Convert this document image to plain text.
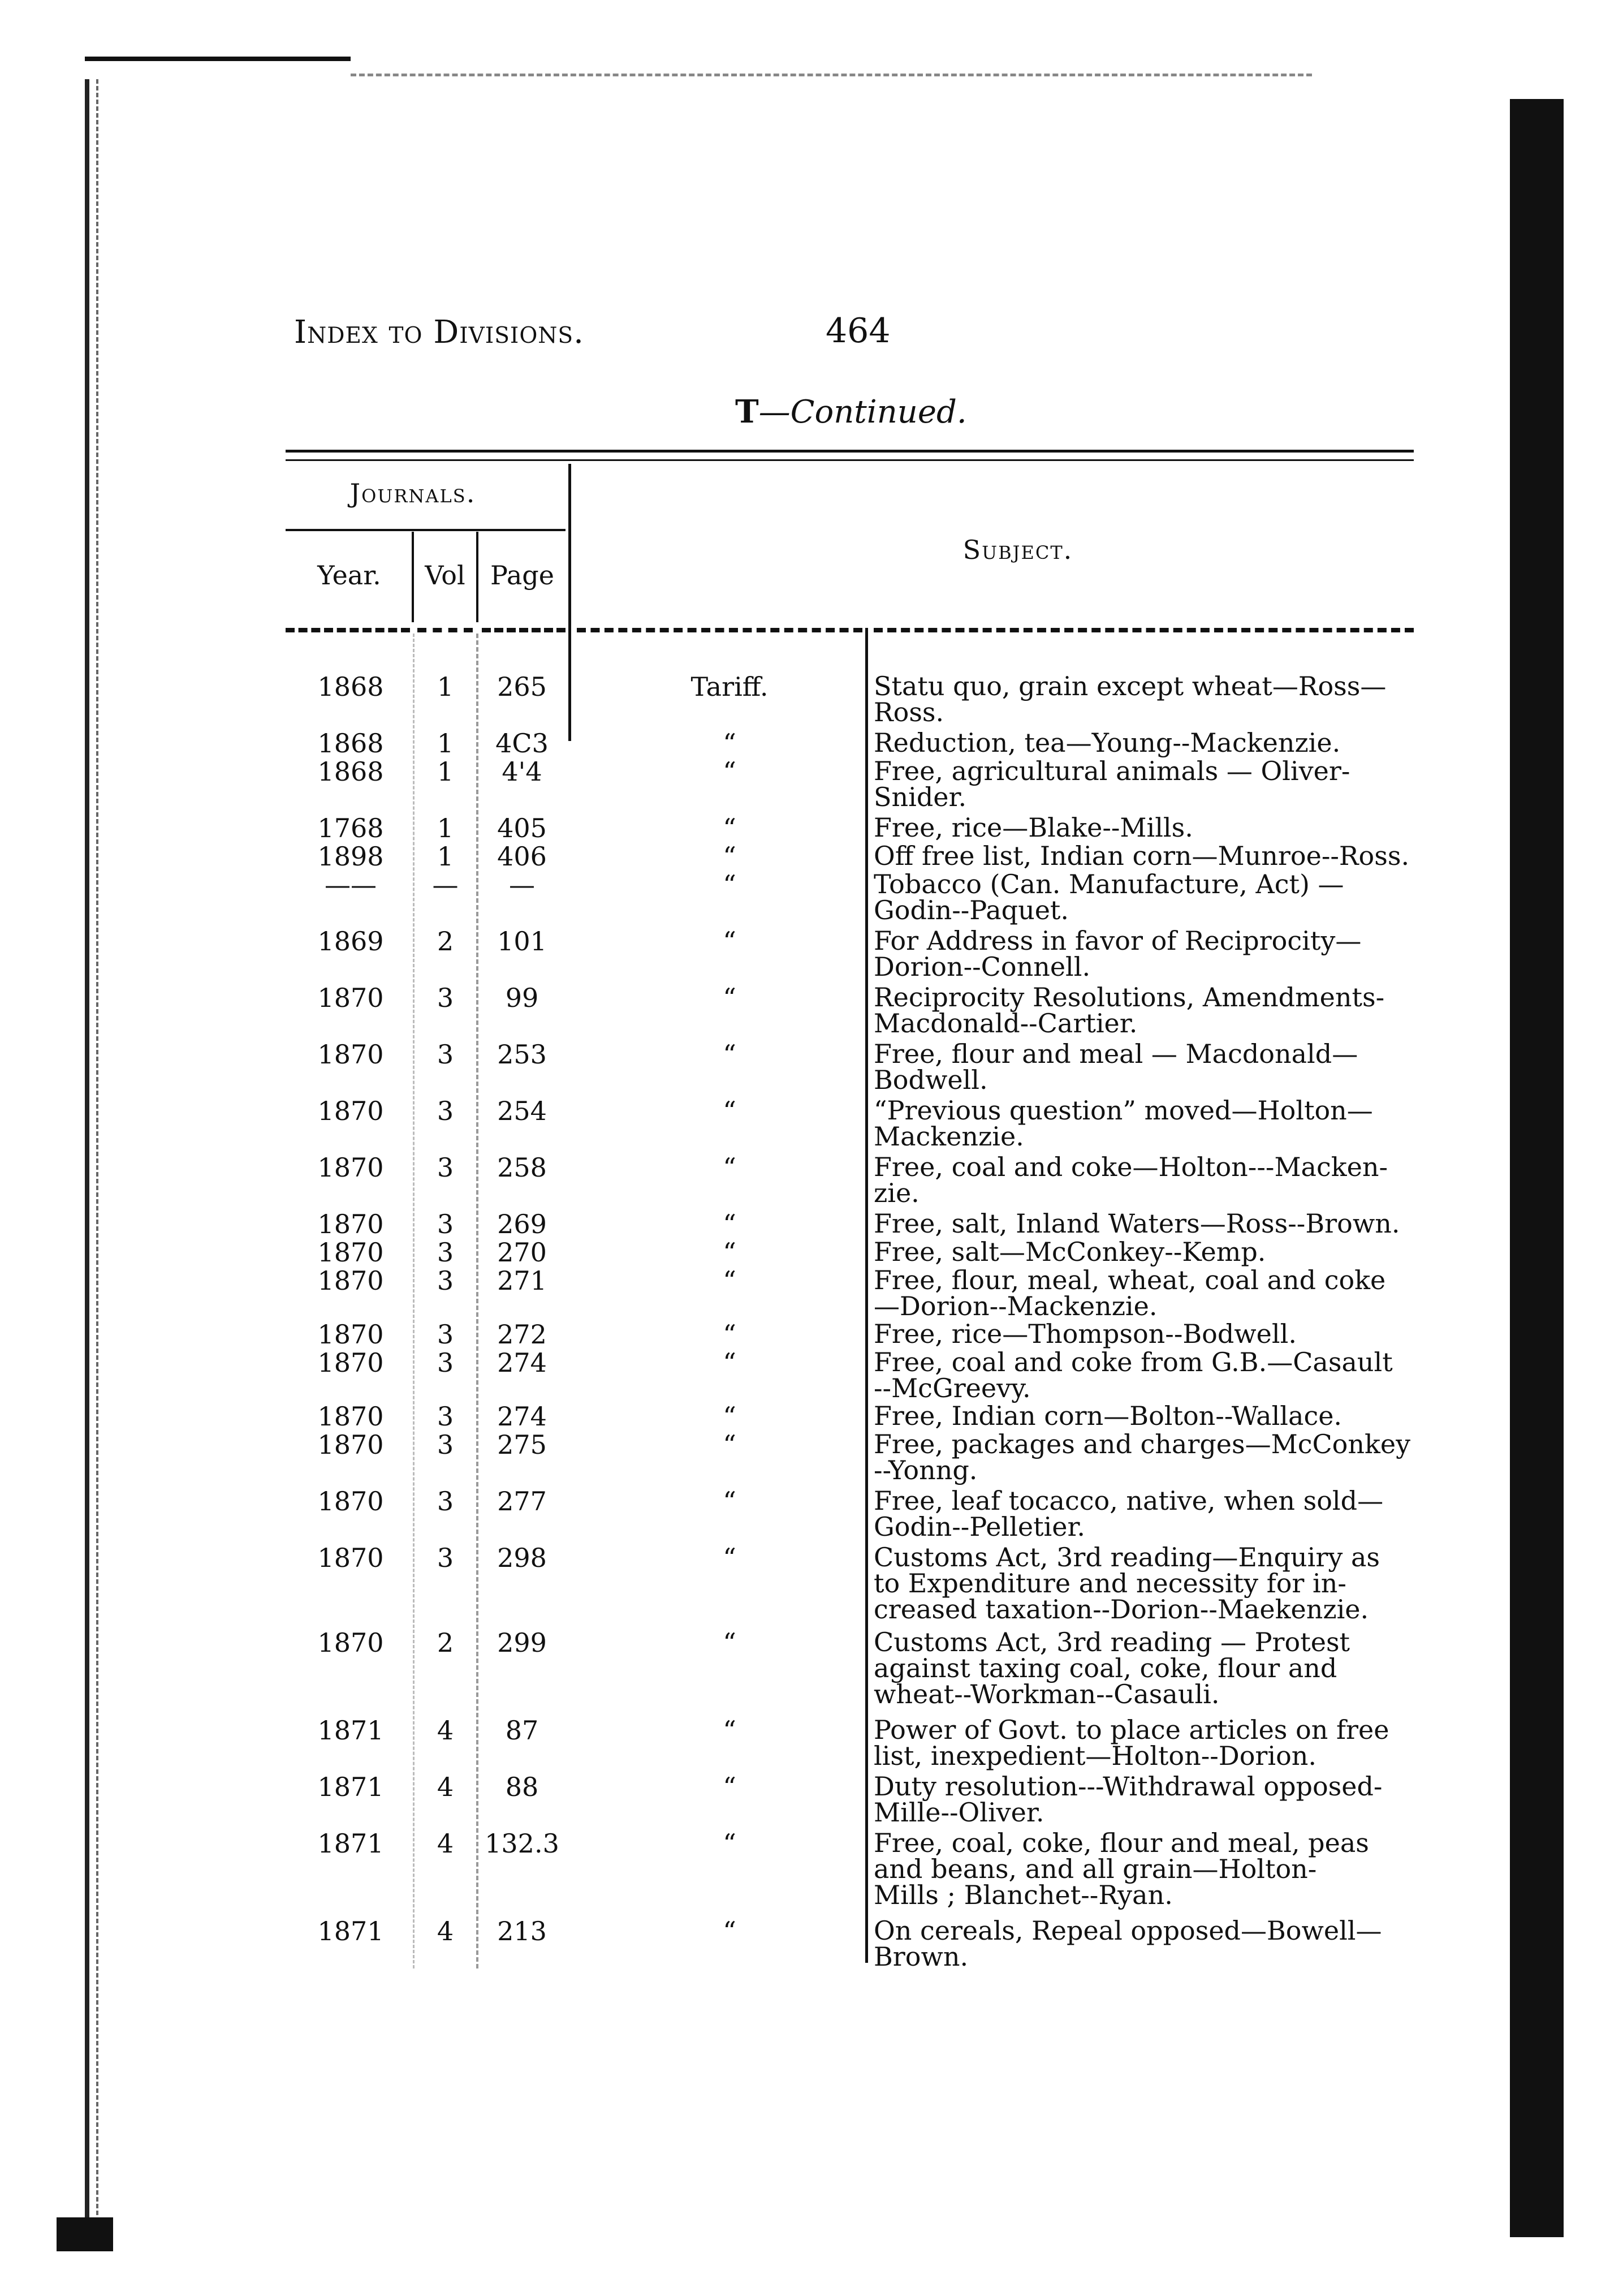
Index to Divisions.	464
T—Continued.
Journals.
Year.	Vol Page
Subject.
1868	1	265	Tariff.	Statu quo, grain except wheat—Ross—
Ross.
1868	1	4C3	“	Reduction, tea—Young--Mackenzie.
1868	1	4'4	“	Free, agricultural animals — Oliver-
Snider.
1768	1	405	“	Free, rice—Blake--Mills.
1898	1	406	“	Off free list, Indian corn—Munroe--Ross.
——	—	—	“	Tobacco (Can. Manufacture, Act) —
Godin--Paquet.
1869	2	101	“	For Address in favor of Reciprocity—
Dorion--Connell.
1870	3	99	“	Reciprocity Resolutions, Amendments-
Macdonald--Cartier.
1870	3	253	“	Free, flour and meal — Macdonald—
Bodwell.
1870	3	254	“	“Previous question” moved—Holton—
Mackenzie.
1870	3	258	“	Free, coal and coke—Holton---Macken-
zie.
1870	3	269	“	Free, salt, Inland Waters—Ross--Brown.
1870	3	270	“	Free, salt—McConkey--Kemp.
1870	3	271	“	Free, flour, meal, wheat, coal and coke
—Dorion--Mackenzie.
1870	3	272	“	Free, rice—Thompson--Bodwell.
1870	3	274	“	Free, coal and coke from G.B.—Casault
--McGreevy.
1870	3	274	“	Free, Indian corn—Bolton--Wallace.
1870	3	275	“	Free, packages and charges—McConkey
--Yonng.
1870	3	277	“	Free, leaf tocacco, native, when sold—
Godin--Pelletier.
1870	3	298	“	Customs Act, 3rd reading—Enquiry as
to Expenditure and necessity for in-
creased taxation--Dorion--Maekenzie.
1870	2	299	“	Customs Act, 3rd reading — Protest
against taxing coal, coke, flour and
wheat--Workman--Casauli.
1871	4	87	“	Power of Govt. to place articles on free
list, inexpedient—Holton--Dorion.
1871	4	88	“	Duty resolution---Withdrawal opposed-
Mille--Oliver.
1871	4	132.3	“	Free, coal, coke, flour and meal, peas
and beans, and all grain—Holton-
Mills ; Blanchet--Ryan.
1871	4	213	“	On cereals, Repeal opposed—Bowell—
Brown.
